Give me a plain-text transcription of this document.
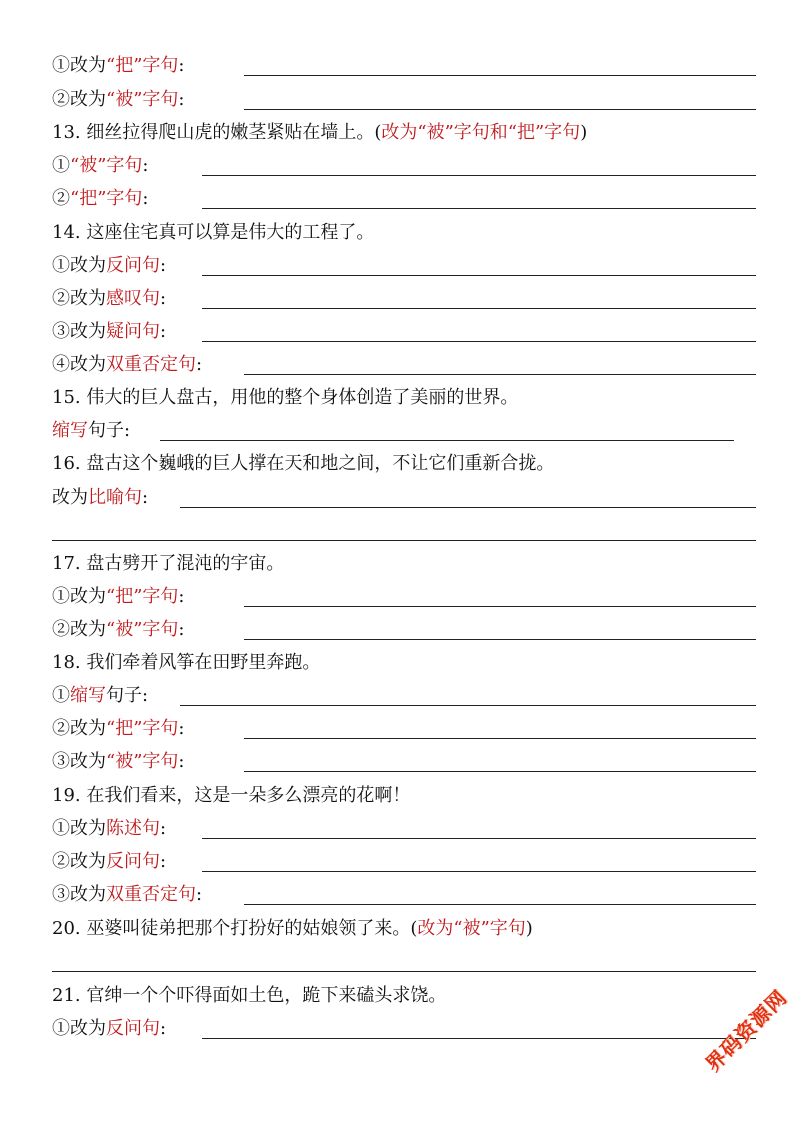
①改为“把”字句:
②改为“被”字句:
13. 细丝拉得爬山虎的嫩茎紧贴在墙上。(改为“被”字句和“把”字句)
①“被”字句:
②“把”字句:
14. 这座住宅真可以算是伟大的工程了。
①改为反问句:
②改为感叹句:
③改为疑问句:
④改为双重否定句:
15. 伟大的巨人盘古，用他的整个身体创造了美丽的世界。
缩写句子:
16. 盘古这个巍峨的巨人撑在天和地之间，不让它们重新合拢。
改为比喻句:
17. 盘古劈开了混沌的宇宙。
①改为“把”字句:
②改为“被”字句:
18. 我们牵着风筝在田野里奔跑。
①缩写句子:
②改为“把”字句:
③改为“被”字句:
19. 在我们看来，这是一朵多么漂亮的花啊！
①改为陈述句:
②改为反问句:
③改为双重否定句:
20. 巫婆叫徒弟把那个打扮好的姑娘领了来。(改为“被”字句)
21. 官绅一个个吓得面如土色，跪下来磕头求饶。
①改为反问句:	界码资源网
